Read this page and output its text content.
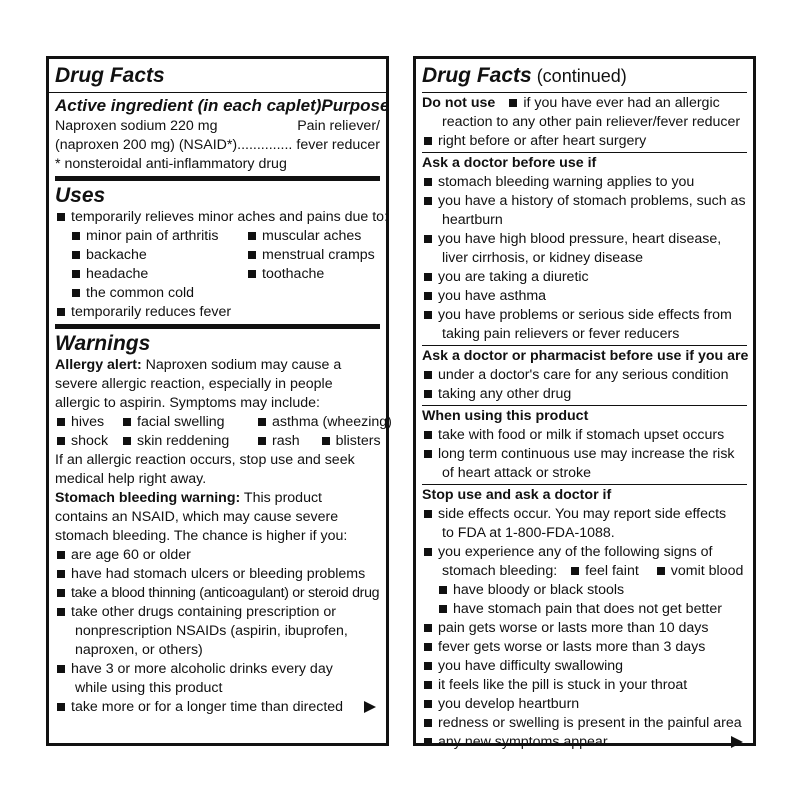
Drug Facts
Active ingredient (in each caplet) Purpose
Naproxen sodium 220 mg	Pain reliever/
(naproxen 200 mg) (NSAID*).............. fever reducer
* nonsteroidal anti-inflammatory drug
Uses
temporarily relieves minor aches and pains due to:
minor pain of arthritis	muscular aches
backache	menstrual cramps
headache	toothache
the common cold
temporarily reduces fever
Warnings
Allergy alert: Naproxen sodium may cause a
severe allergic reaction, especially in people
allergic to aspirin. Symptoms may include:
hives	facial swelling	asthma (wheezing)
shock	skin reddening	rash	blisters
If an allergic reaction occurs, stop use and seek
medical help right away.
Stomach bleeding warning: This product
contains an NSAID, which may cause severe
stomach bleeding. The chance is higher if you:
are age 60 or older
have had stomach ulcers or bleeding problems
take a blood thinning (anticoagulant) or steroid drug
take other drugs containing prescription or
nonprescription NSAIDs (aspirin, ibuprofen,
naproxen, or others)
have 3 or more alcoholic drinks every day
while using this product
take more or for a longer time than directed
Drug Facts (continued)
Do not use if you have ever had an allergic
reaction to any other pain reliever/fever reducer
right before or after heart surgery
Ask a doctor before use if
stomach bleeding warning applies to you
you have a history of stomach problems, such as
heartburn
you have high blood pressure, heart disease,
liver cirrhosis, or kidney disease
you are taking a diuretic
you have asthma
you have problems or serious side effects from
taking pain relievers or fever reducers
Ask a doctor or pharmacist before use if you are
under a doctor's care for any serious condition
taking any other drug
When using this product
take with food or milk if stomach upset occurs
long term continuous use may increase the risk
of heart attack or stroke
Stop use and ask a doctor if
side effects occur. You may report side effects
to FDA at 1-800-FDA-1088.
you experience any of the following signs of
stomach bleeding: feel faint vomit blood
have bloody or black stools
have stomach pain that does not get better
pain gets worse or lasts more than 10 days
fever gets worse or lasts more than 3 days
you have difficulty swallowing
it feels like the pill is stuck in your throat
you develop heartburn
redness or swelling is present in the painful area
any new symptoms appear
